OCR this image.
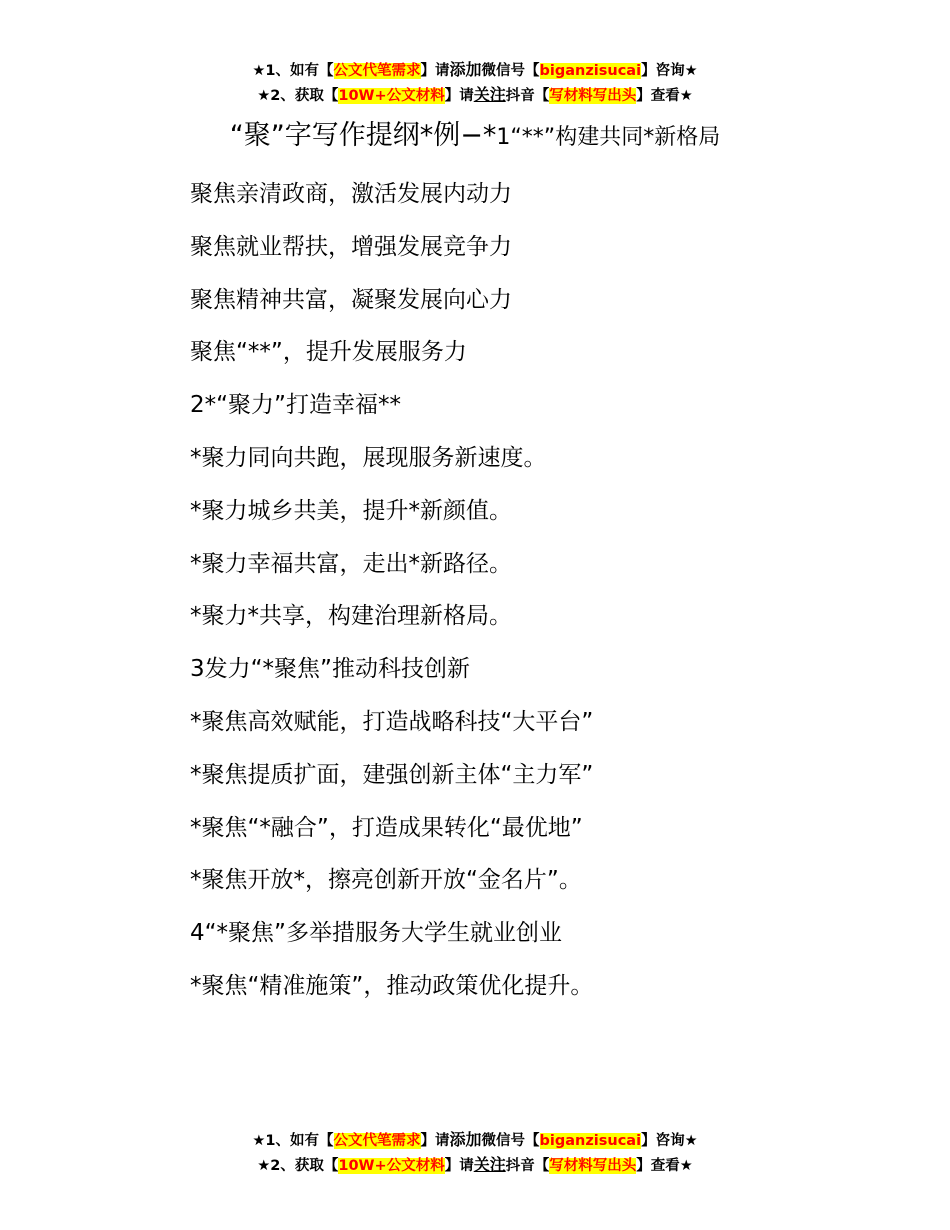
★1、如有【公文代笔需求】请添加微信号【biganzisucai】咨询★
★2、获取【10W+公文材料】请关注抖音【写材料写出头】查看★
“聚”字写作提纲*例−*1“**”构建共同*新格局

聚焦亲清政商，激活发展内动力

聚焦就业帮扶，增强发展竞争力

聚焦精神共富，凝聚发展向心力

聚焦“**”，提升发展服务力

2*“聚力”打造幸福**

*聚力同向共跑，展现服务新速度。

*聚力城乡共美，提升*新颜值。

*聚力幸福共富，走出*新路径。

*聚力*共享，构建治理新格局。

3发力“*聚焦”推动科技创新

*聚焦高效赋能，打造战略科技“大平台”

*聚焦提质扩面，建强创新主体“主力军”

*聚焦“*融合”，打造成果转化“最优地”

*聚焦开放*，擦亮创新开放“金名片”。

4“*聚焦”多举措服务大学生就业创业

*聚焦“精准施策”，推动政策优化提升。

★1、如有【公文代笔需求】请添加微信号【biganzisucai】咨询★
★2、获取【10W+公文材料】请关注抖音【写材料写出头】查看★
